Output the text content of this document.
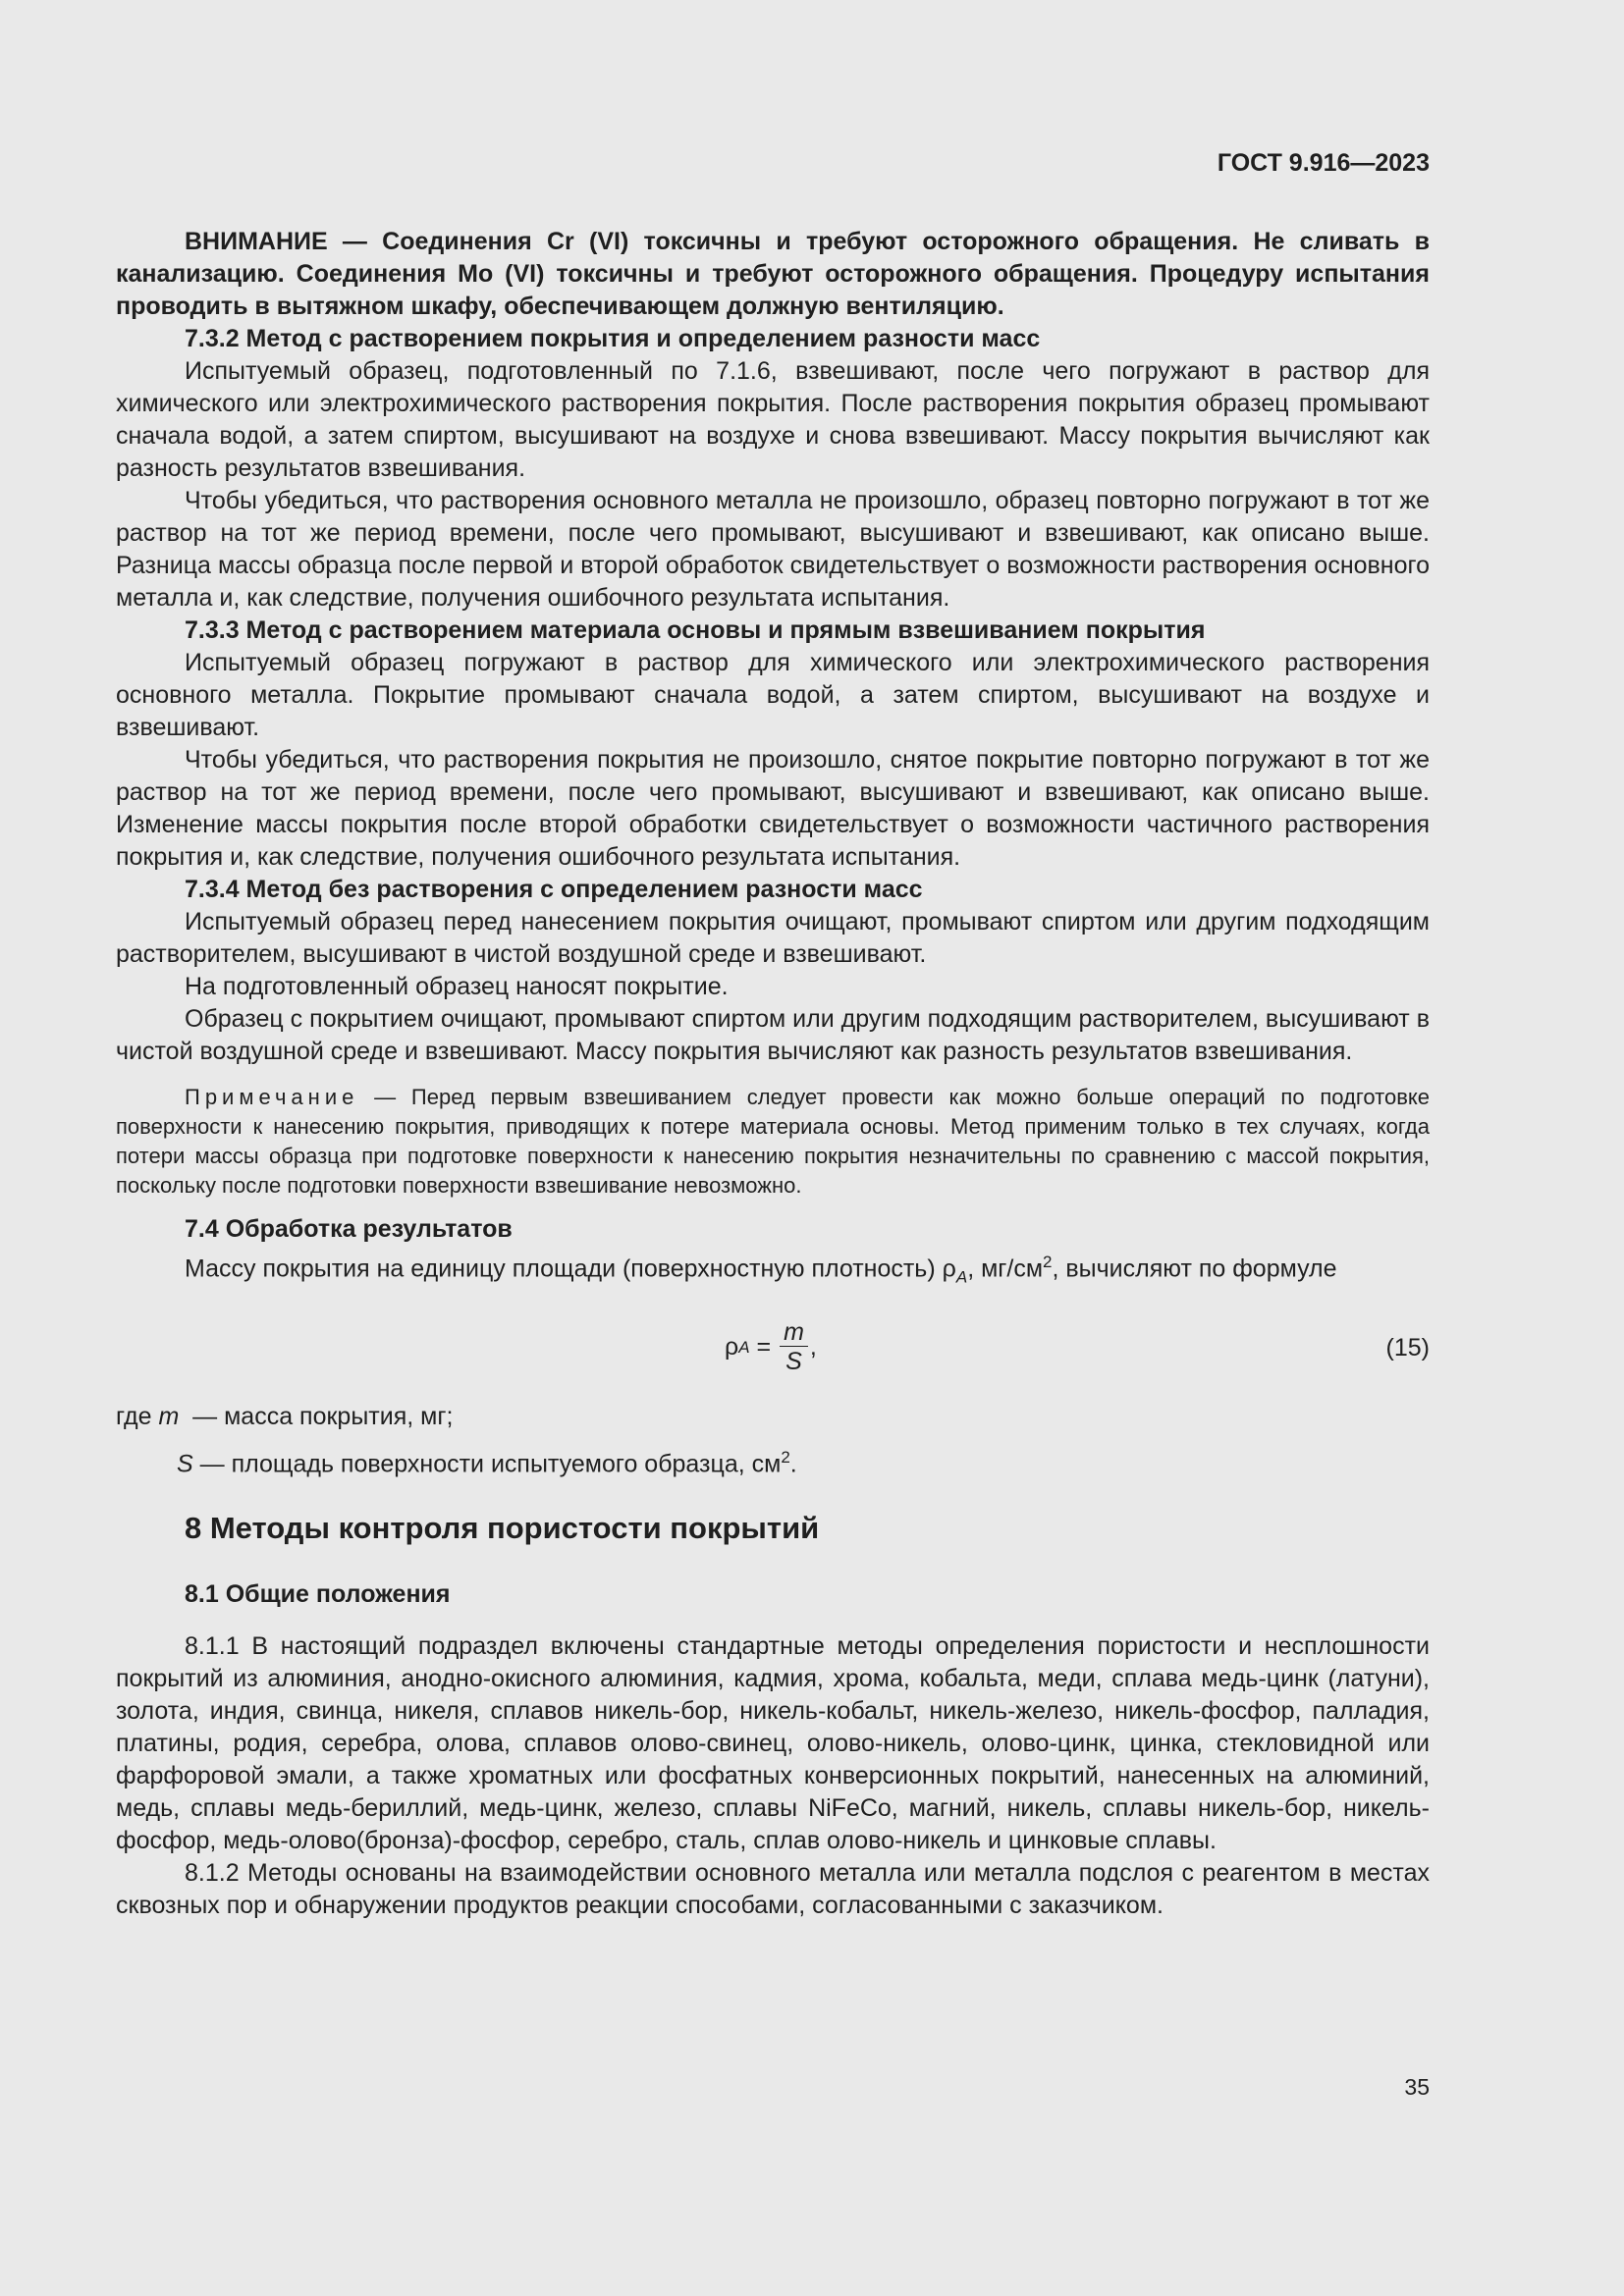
ГОСТ 9.916—2023

ВНИМАНИЕ — Соединения Cr (VI) токсичны и требуют осторожного обращения. Не сливать в канализацию. Соединения Mo (VI) токсичны и требуют осторожного обращения. Процедуру испытания проводить в вытяжном шкафу, обеспечивающем должную вентиляцию.

7.3.2 Метод с растворением покрытия и определением разности масс

Испытуемый образец, подготовленный по 7.1.6, взвешивают, после чего погружают в раствор для химического или электрохимического растворения покрытия. После растворения покрытия образец промывают сначала водой, а затем спиртом, высушивают на воздухе и снова взвешивают. Массу покрытия вычисляют как разность результатов взвешивания.

Чтобы убедиться, что растворения основного металла не произошло, образец повторно погружают в тот же раствор на тот же период времени, после чего промывают, высушивают и взвешивают, как описано выше. Разница массы образца после первой и второй обработок свидетельствует о возможности растворения основного металла и, как следствие, получения ошибочного результата испытания.

7.3.3 Метод с растворением материала основы и прямым взвешиванием покрытия

Испытуемый образец погружают в раствор для химического или электрохимического растворения основного металла. Покрытие промывают сначала водой, а затем спиртом, высушивают на воздухе и взвешивают.

Чтобы убедиться, что растворения покрытия не произошло, снятое покрытие повторно погружают в тот же раствор на тот же период времени, после чего промывают, высушивают и взвешивают, как описано выше. Изменение массы покрытия после второй обработки свидетельствует о возможности частичного растворения покрытия и, как следствие, получения ошибочного результата испытания.

7.3.4 Метод без растворения с определением разности масс

Испытуемый образец перед нанесением покрытия очищают, промывают спиртом или другим подходящим растворителем, высушивают в чистой воздушной среде и взвешивают.

На подготовленный образец наносят покрытие.

Образец с покрытием очищают, промывают спиртом или другим подходящим растворителем, высушивают в чистой воздушной среде и взвешивают. Массу покрытия вычисляют как разность результатов взвешивания.

Примечание — Перед первым взвешиванием следует провести как можно больше операций по подготовке поверхности к нанесению покрытия, приводящих к потере материала основы. Метод применим только в тех случаях, когда потери массы образца при подготовке поверхности к нанесению покрытия незначительны по сравнению с массой покрытия, поскольку после подготовки поверхности взвешивание невозможно.

7.4 Обработка результатов

Массу покрытия на единицу площади (поверхностную плотность) $\rho_A$, $мг/см^2$, вычисляют по формуле

ρ $A = \frac{m}{S}$ ,	(15)

где m  — масса покрытия, мг;

S — площадь поверхности испытуемого образца, $см^2$.

8 Методы контроля пористости покрытий

8.1 Общие положения

8.1.1 В настоящий подраздел включены стандартные методы определения пористости и несплошности покрытий из алюминия, анодно-окисного алюминия, кадмия, хрома, кобальта, меди, сплава медь-цинк (латуни), золота, индия, свинца, никеля, сплавов никель-бор, никель-кобальт, никель-железо, никель-фосфор, палладия, платины, родия, серебра, олова, сплавов олово-свинец, олово-никель, олово-цинк, цинка, стекловидной или фарфоровой эмали, а также хроматных или фосфатных конверсионных покрытий, нанесенных на алюминий, медь, сплавы медь-бериллий, медь-цинк, железо, сплавы NiFeCo, магний, никель, сплавы никель-бор, никель-фосфор, медь-олово(бронза)-фосфор, серебро, сталь, сплав олово-никель и цинковые сплавы.

8.1.2 Методы основаны на взаимодействии основного металла или металла подслоя с реагентом в местах сквозных пор и обнаружении продуктов реакции способами, согласованными с заказчиком.

35
